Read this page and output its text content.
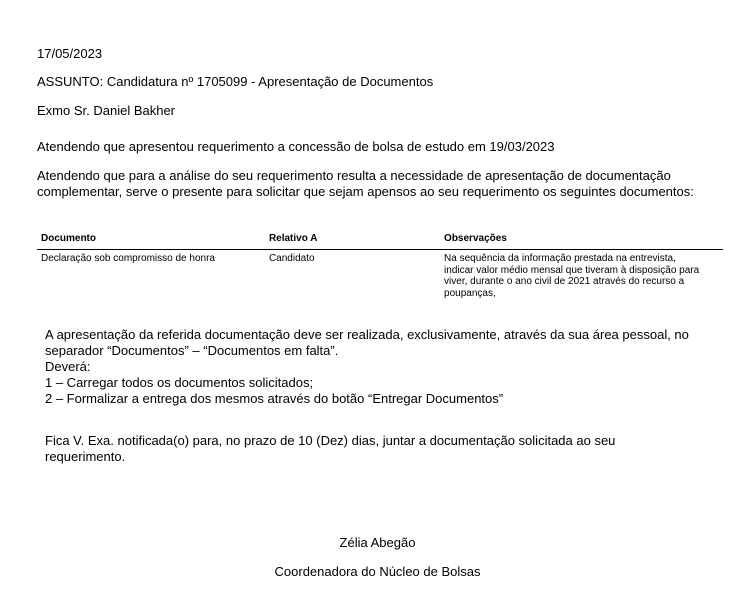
17/05/2023
ASSUNTO: Candidatura nº 1705099 - Apresentação de Documentos
Exmo Sr. Daniel Bakher
Atendendo que apresentou requerimento a concessão de bolsa de estudo em 19/03/2023
Atendendo que para a análise do seu requerimento resulta a necessidade de apresentação de documentação complementar, serve o presente para solicitar que sejam apensos ao seu requerimento os seguintes documentos:
Documento	Relativo A	Observações
Declaração sob compromisso de honra	Candidato	Na sequência da informação prestada na entrevista, indicar valor médio mensal que tiveram à disposição para viver, durante o ano civil de 2021 através do recurso a poupanças,
A apresentação da referida documentação deve ser realizada, exclusivamente, através da sua área pessoal, no separador “Documentos” – “Documentos em falta”.
Deverá:
1 – Carregar todos os documentos solicitados;
2 – Formalizar a entrega dos mesmos através do botão “Entregar Documentos”
Fica V. Exa. notificada(o) para, no prazo de 10 (Dez) dias, juntar a documentação solicitada ao seu requerimento.
Zélia Abegão
Coordenadora do Núcleo de Bolsas
